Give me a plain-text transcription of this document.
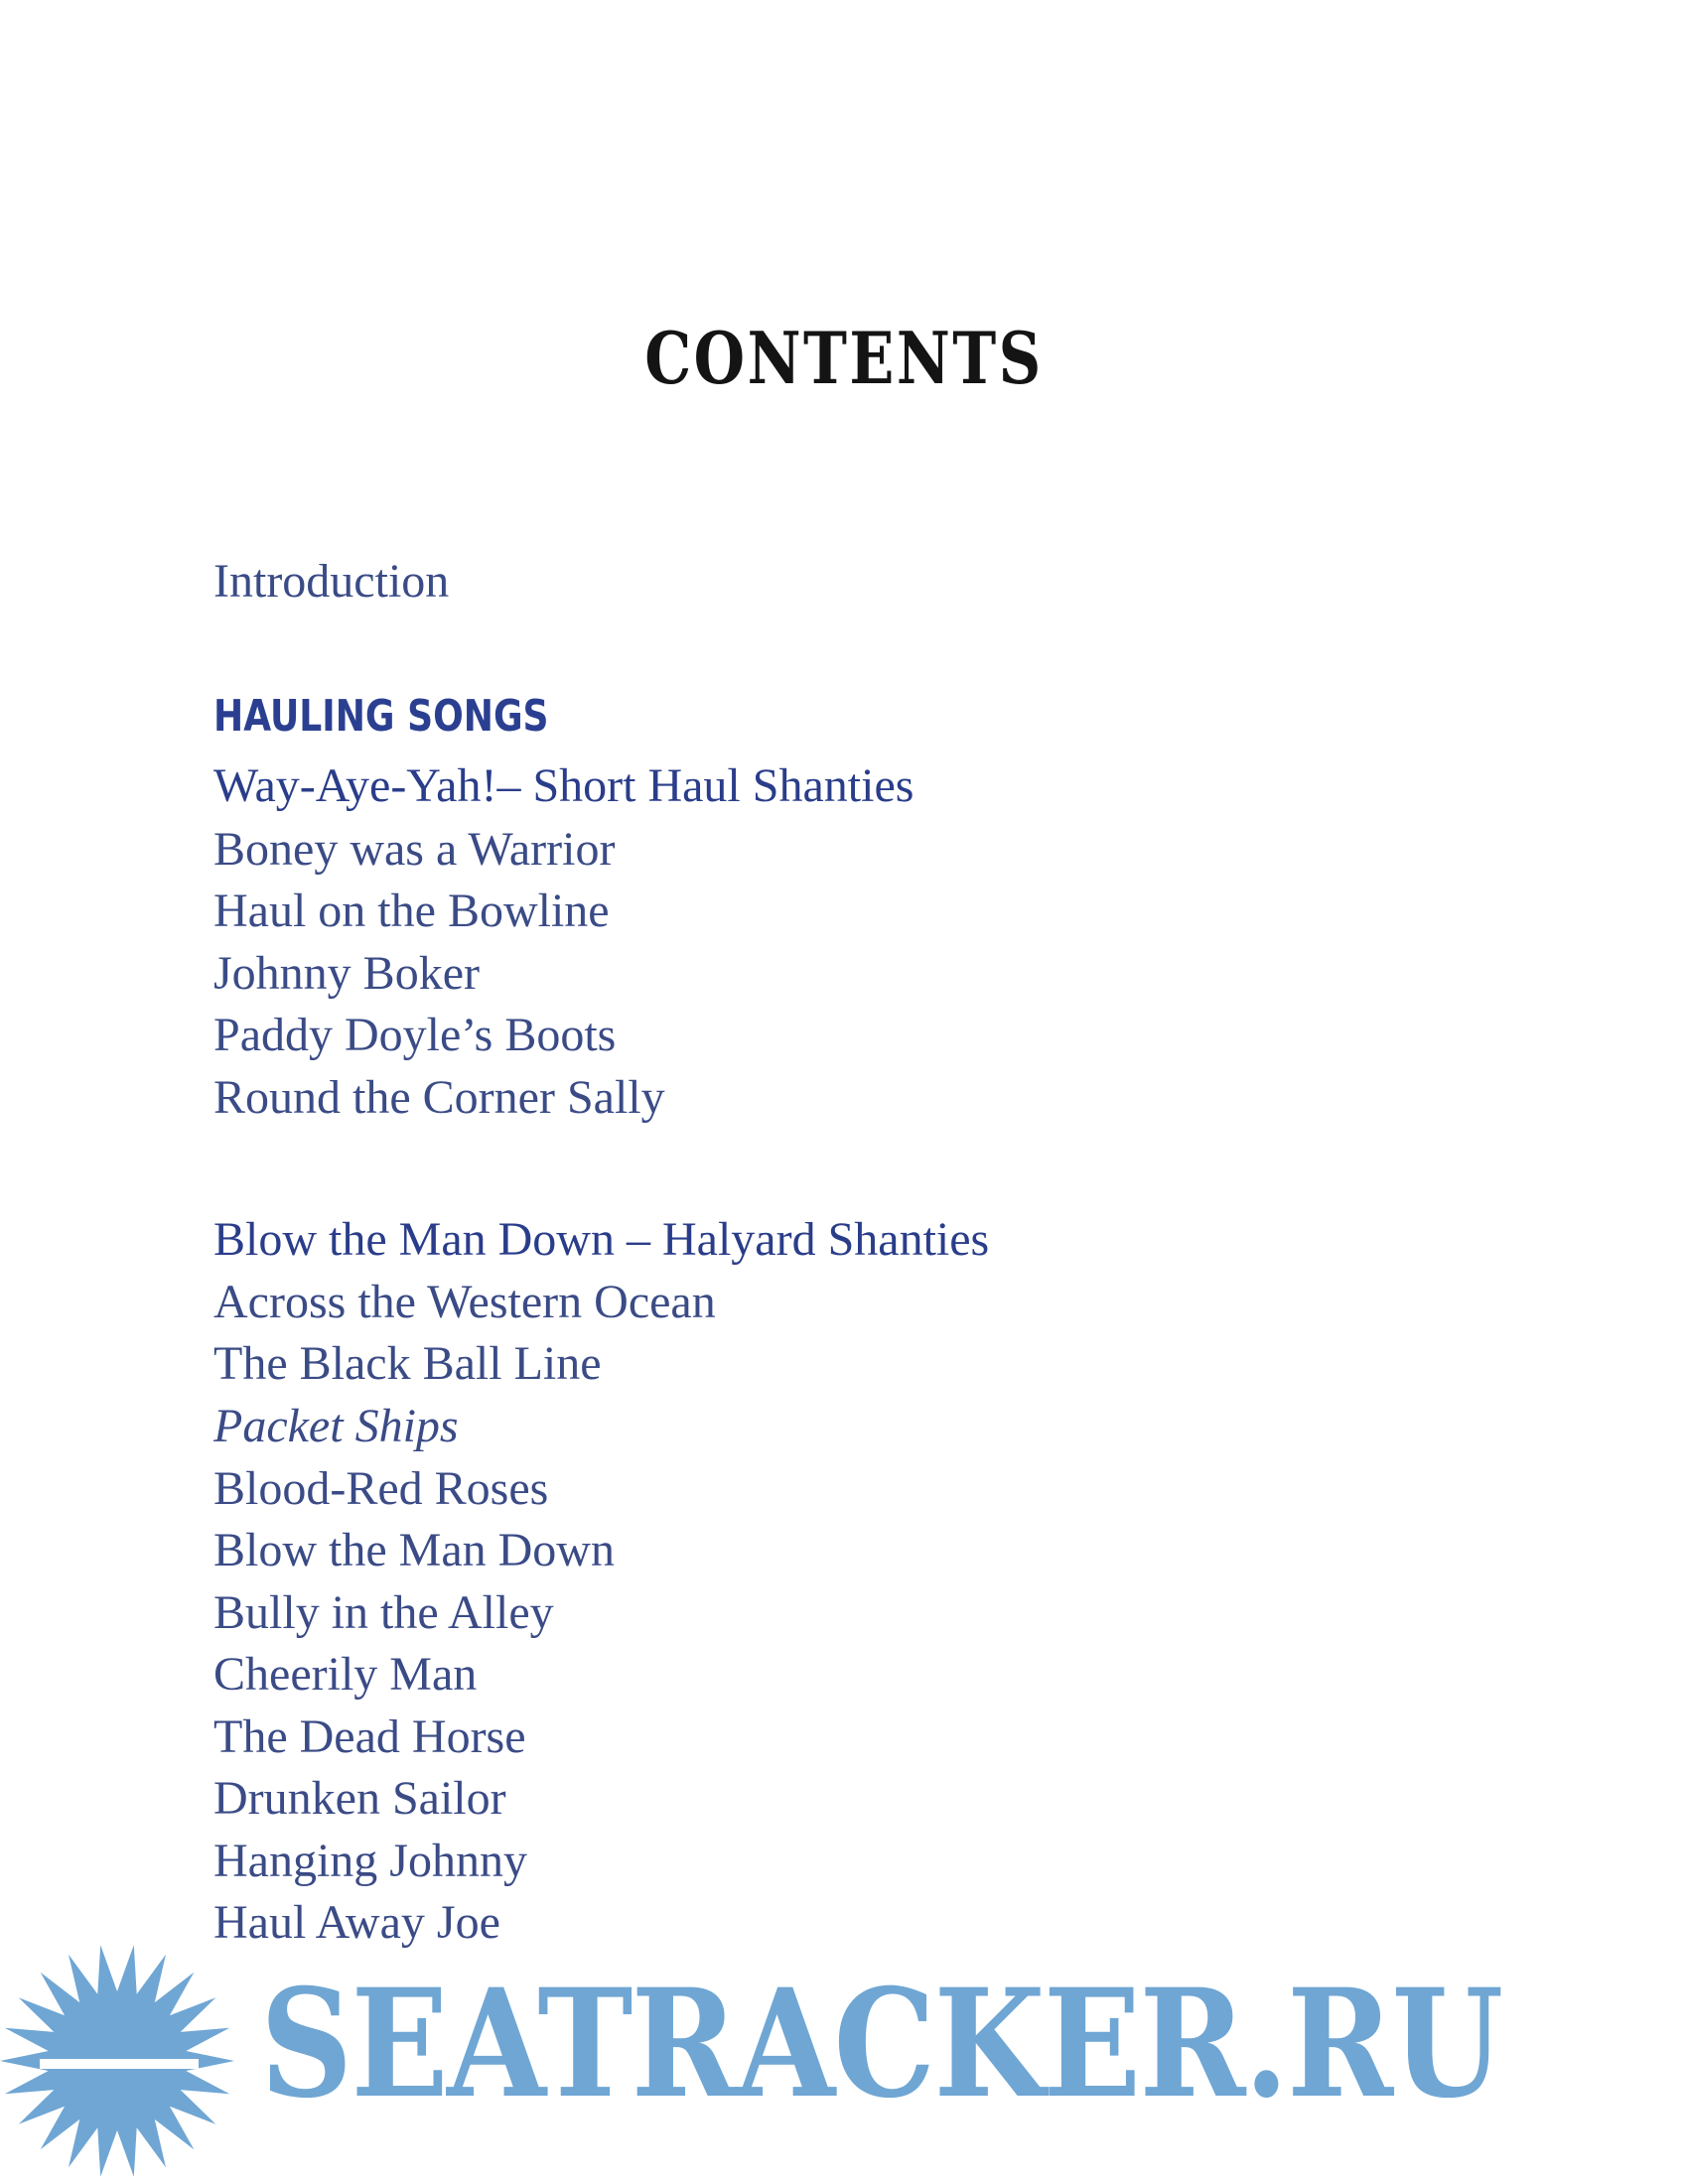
CONTENTS
Introduction
HAULING SONGS
Way-Aye-Yah!– Short Haul Shanties
Boney was a Warrior
Haul on the Bowline
Johnny Boker
Paddy Doyle’s Boots
Round the Corner Sally
Blow the Man Down – Halyard Shanties
Across the Western Ocean
The Black Ball Line
Packet Ships
Blood-Red Roses
Blow the Man Down
Bully in the Alley
Cheerily Man
The Dead Horse
Drunken Sailor
Hanging Johnny
Haul Away Joe
SEATRACKER.RU
